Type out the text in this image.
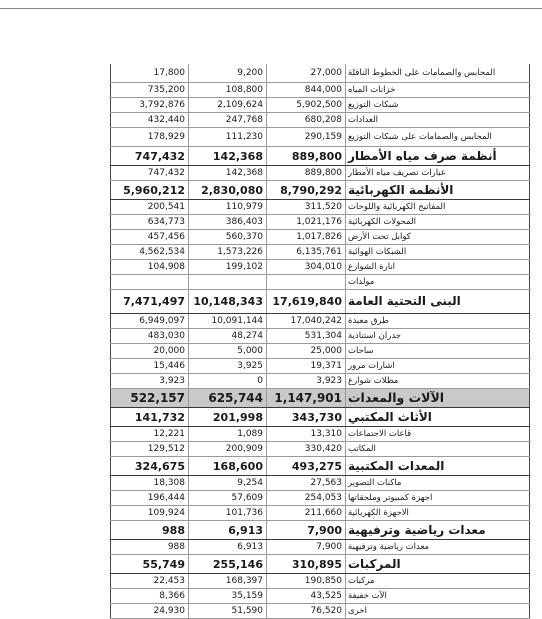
17,800	9,200	27,000 المحابس والصمامات على الخطوط الناقلة
735,200	108,800	844,000 خزانات المياه
3,792,876	2,109,624	5,902,500 شبكات التوزيع
432,440	247,768	680,208 العدادات
178,929	111,230	290,159 المحابس والصمامات على شبكات التوزيع
747,432	142,368	889,800 أنظمة صرف مياه الأمطار
747,432	142,368	889,800 عبارات تصريف مياه الأمطار
5,960,212	2,830,080	8,790,292 الأنظمة الكهربائية
200,541	110,979	311,520 المفاتيح الكهربائية واللوحات
634,773	386,403	1,021,176 المحولات الكهربائية
457,456	560,370	1,017,826 كوابل تحت الأرض
4,562,534	1,573,226	6,135,761 الشبكات الهوائية
104,908	199,102	304,010 انارة الشوارع
مولدات
7,471,497 10,148,343 17,619,840 البنى التحتية العامة
6,949,097	10,091,144	17,040,242 طرق معبدة
483,030	48,274	531,304 جدران استنادية
20,000	5,000	25,000 ساحات
15,446	3,925	19,371 اشارات مرور
3,923	0	3,923 مظلات شوارع
522,157	625,744 1,147,901 الآلات والمعدات
141,732	201,998	343,730 الأثاث المكتبي
12,221	1,089	13,310 قاعات الاجتماعات
129,512	200,909	330,420 المكاتب
324,675	168,600	493,275 المعدات المكتبية
18,308	9,254	27,563 ماكنات التصوير
196,444	57,609	254,053 اجهزة كمبيوتر وملحقاتها
109,924	101,736	211,660 الاجهزة الكهربائية
988	6,913	7,900 معدات رياضية وترفيهية
988	6,913	7,900 معدات رياضية وترفيهية
55,749	255,146	310,895 المركبات
22,453	168,397	190,850 مركبات
8,366	35,159	43,525 الآت خفيفة
24,930	51,590	76,520 اخرى
